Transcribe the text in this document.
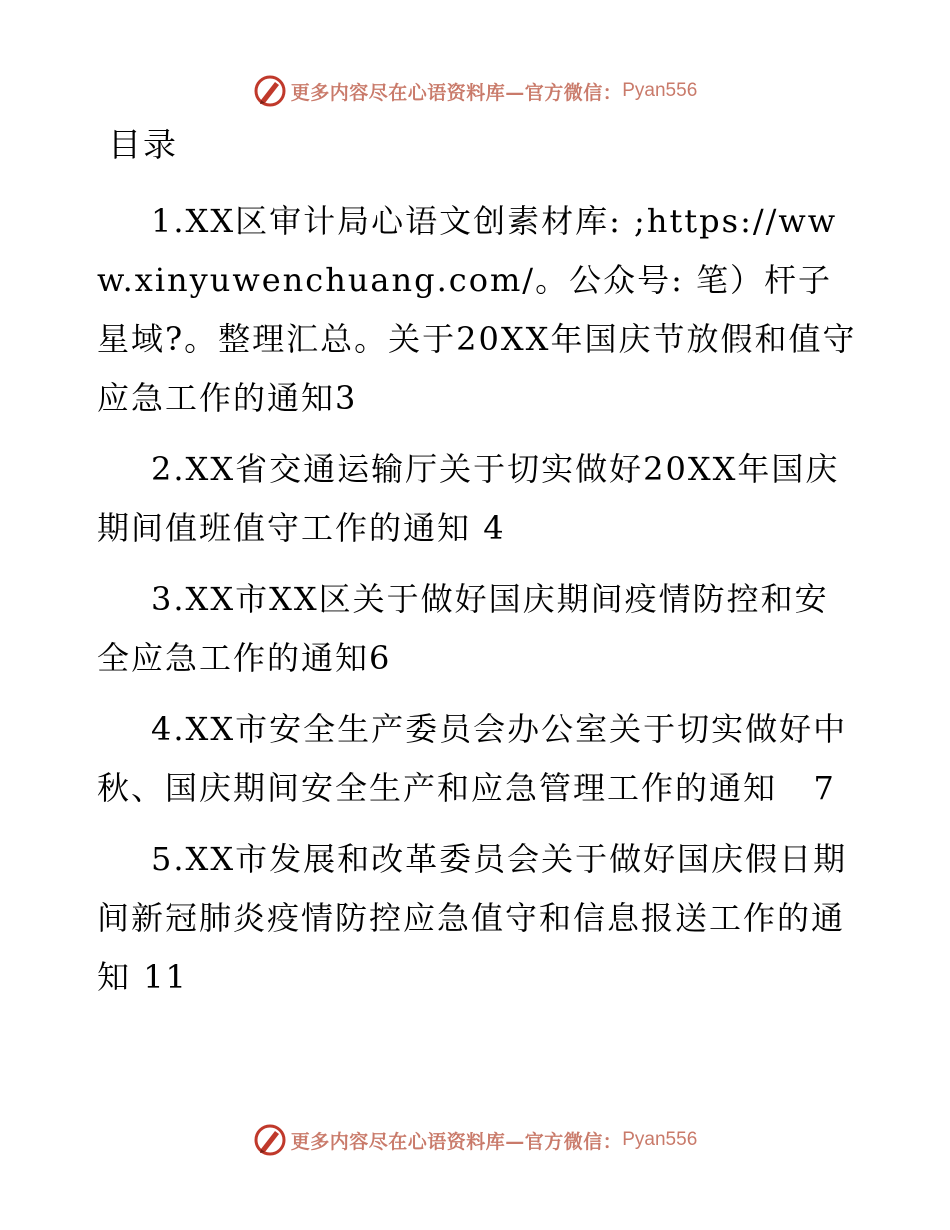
更多内容尽在心语资料库—官方微信： Pyan556
目录

1.XX区审计局心语文创素材库: ;https://www.xinyuwenchuang.com/。公众号: 笔）杆子星域?。整理汇总。关于20XX年国庆节放假和值守应急工作的通知3

2.XX省交通运输厅关于切实做好20XX年国庆期间值班值守工作的通知 4

3.XX市XX区关于做好国庆期间疫情防控和安全应急工作的通知6

4.XX市安全生产委员会办公室关于切实做好中秋、国庆期间安全生产和应急管理工作的通知   7

5.XX市发展和改革委员会关于做好国庆假日期间新冠肺炎疫情防控应急值守和信息报送工作的通知 11

更多内容尽在心语资料库—官方微信： Pyan556
